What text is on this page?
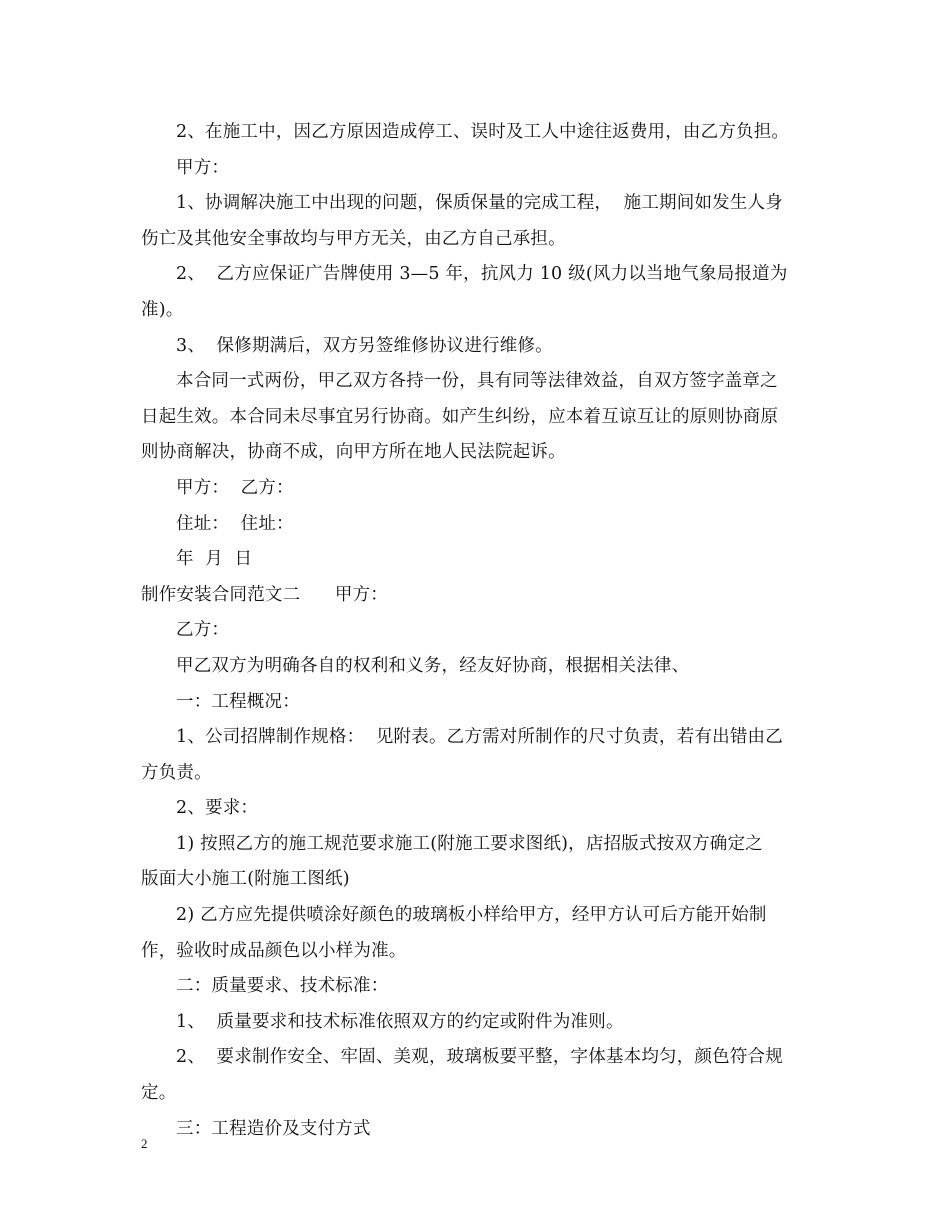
2、在施工中，因乙方原因造成停工、误时及工人中途往返费用，由乙方负担。
甲方：
1、协调解决施工中出现的问题，保质保量的完成工程，  施工期间如发生人身
伤亡及其他安全事故均与甲方无关，由乙方自己承担。
2、  乙方应保证广告牌使用 3—5 年，抗风力 10 级(风力以当地气象局报道为
准)。
3、  保修期满后，双方另签维修协议进行维修。
本合同一式两份，甲乙双方各持一份，具有同等法律效益，自双方签字盖章之
日起生效。本合同未尽事宜另行协商。如产生纠纷，应本着互谅互让的原则协商原
则协商解决，协商不成，向甲方所在地人民法院起诉。
甲方：  乙方：
住址：  住址：
年  月  日
制作安装合同范文二      甲方：
乙方：
甲乙双方为明确各自的权利和义务，经友好协商，根据相关法律、
一：工程概况：
1、公司招牌制作规格：  见附表。乙方需对所制作的尺寸负责，若有出错由乙
方负责。
2、要求：
1) 按照乙方的施工规范要求施工(附施工要求图纸)，店招版式按双方确定之
版面大小施工(附施工图纸)
2) 乙方应先提供喷涂好颜色的玻璃板小样给甲方，经甲方认可后方能开始制
作，验收时成品颜色以小样为准。
二：质量要求、技术标准：
1、  质量要求和技术标准依照双方的约定或附件为准则。
2、  要求制作安全、牢固、美观，玻璃板要平整，字体基本均匀，颜色符合规
定。
三：工程造价及支付方式
2
